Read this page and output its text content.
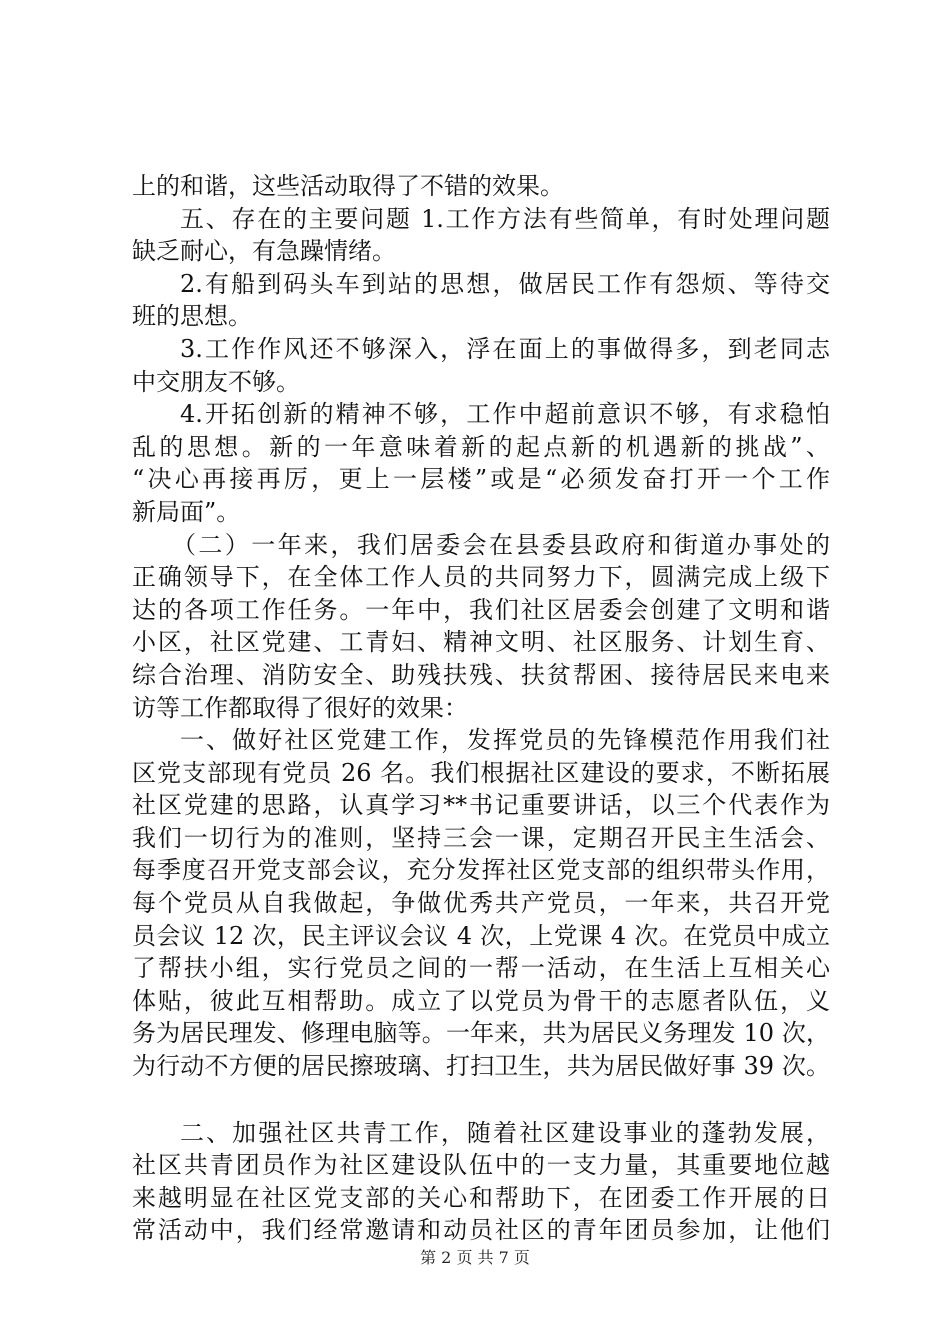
上的和谐，这些活动取得了不错的效果。
五、存在的主要问题 1.工作方法有些简单，有时处理问题
缺乏耐心，有急躁情绪。
2.有船到码头车到站的思想，做居民工作有怨烦、等待交
班的思想。
3.工作作风还不够深入，浮在面上的事做得多，到老同志
中交朋友不够。
4.开拓创新的精神不够，工作中超前意识不够，有求稳怕
乱的思想。新的一年意味着新的起点新的机遇新的挑战”、
“决心再接再厉，更上一层楼”或是“必须发奋打开一个工作
新局面”。
（二）一年来，我们居委会在县委县政府和街道办事处的
正确领导下，在全体工作人员的共同努力下，圆满完成上级下
达的各项工作任务。一年中，我们社区居委会创建了文明和谐
小区，社区党建、工青妇、精神文明、社区服务、计划生育、
综合治理、消防安全、助残扶残、扶贫帮困、接待居民来电来
访等工作都取得了很好的效果：
一、做好社区党建工作，发挥党员的先锋模范作用我们社
区党支部现有党员 26 名。我们根据社区建设的要求，不断拓展
社区党建的思路，认真学习**书记重要讲话，以三个代表作为
我们一切行为的准则，坚持三会一课，定期召开民主生活会、
每季度召开党支部会议，充分发挥社区党支部的组织带头作用，
每个党员从自我做起，争做优秀共产党员，一年来，共召开党
员会议 12 次，民主评议会议 4 次，上党课 4 次。在党员中成立
了帮扶小组，实行党员之间的一帮一活动，在生活上互相关心
体贴，彼此互相帮助。成立了以党员为骨干的志愿者队伍，义
务为居民理发、修理电脑等。一年来，共为居民义务理发 10 次，
为行动不方便的居民擦玻璃、打扫卫生，共为居民做好事 39 次。
二、加强社区共青工作，随着社区建设事业的蓬勃发展，
社区共青团员作为社区建设队伍中的一支力量，其重要地位越
来越明显在社区党支部的关心和帮助下，在团委工作开展的日
常活动中，我们经常邀请和动员社区的青年团员参加，让他们
第 2 页 共 7 页
